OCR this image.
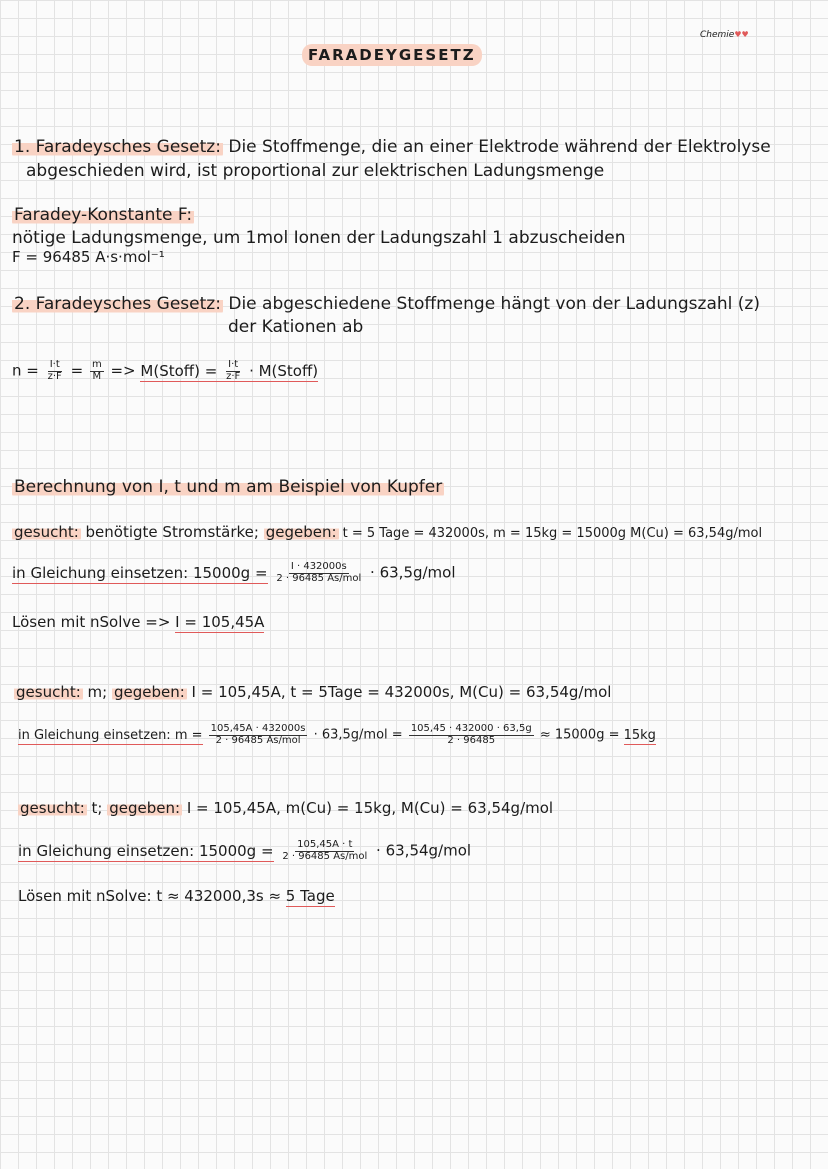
Chemie♥♥
FARADEYGESETZ
1. Faradeysches Gesetz: Die Stoffmenge, die an einer Elektrode während der Elektrolyse
abgeschieden wird, ist proportional zur elektrischen Ladungsmenge
Faradey-Konstante F:
nötige Ladungsmenge, um 1mol Ionen der Ladungszahl 1 abzuscheiden
F = 96485 A·s·mol⁻¹
2. Faradeysches Gesetz: Die abgeschiedene Stoffmenge hängt von der Ladungszahl (z)
der Kationen ab
$n = \frac{I\cdot t}{z\cdot F} = \frac{m}{M}$ => M(Stoff) = $\frac{I\cdot t}{z\cdot F}$ · M(Stoff)
Berechnung von I, t und m am Beispiel von Kupfer
gesucht: benötigte Stromstärke; gegeben: t = 5 Tage = 432000s, m = 15kg = 15000g M(Cu) = 63,54g/mol
in Gleichung einsetzen: $15000g = \frac{I \cdot 432000s}{\text{2 · 96485 As/mol}} \cdot 63,5g/mol$
Lösen mit nSolve => I = 105,45A
gesucht: m; gegeben: I = 105,45A, t = 5Tage = 432000s, M(Cu) = 63,54g/mol
in Gleichung einsetzen: $m = \frac{105,45A \cdot 432000s}{\text{2 · 96485 As/mol}} \cdot 63,5g/mol = \frac{105,45 \cdot 432000 \cdot 63,5g}{2 \cdot 96485} \approx 15000g = 15kg$
gesucht: t; gegeben: I = 105,45A, m(Cu) = 15kg, M(Cu) = 63,54g/mol
in Gleichung einsetzen: $15000g = \frac{105,45A \cdot t}{\text{2 · 96485 As/mol}} \cdot 63,54g/mol$
Lösen mit nSolve: t ≈ 432000,3s ≈ 5 Tage
